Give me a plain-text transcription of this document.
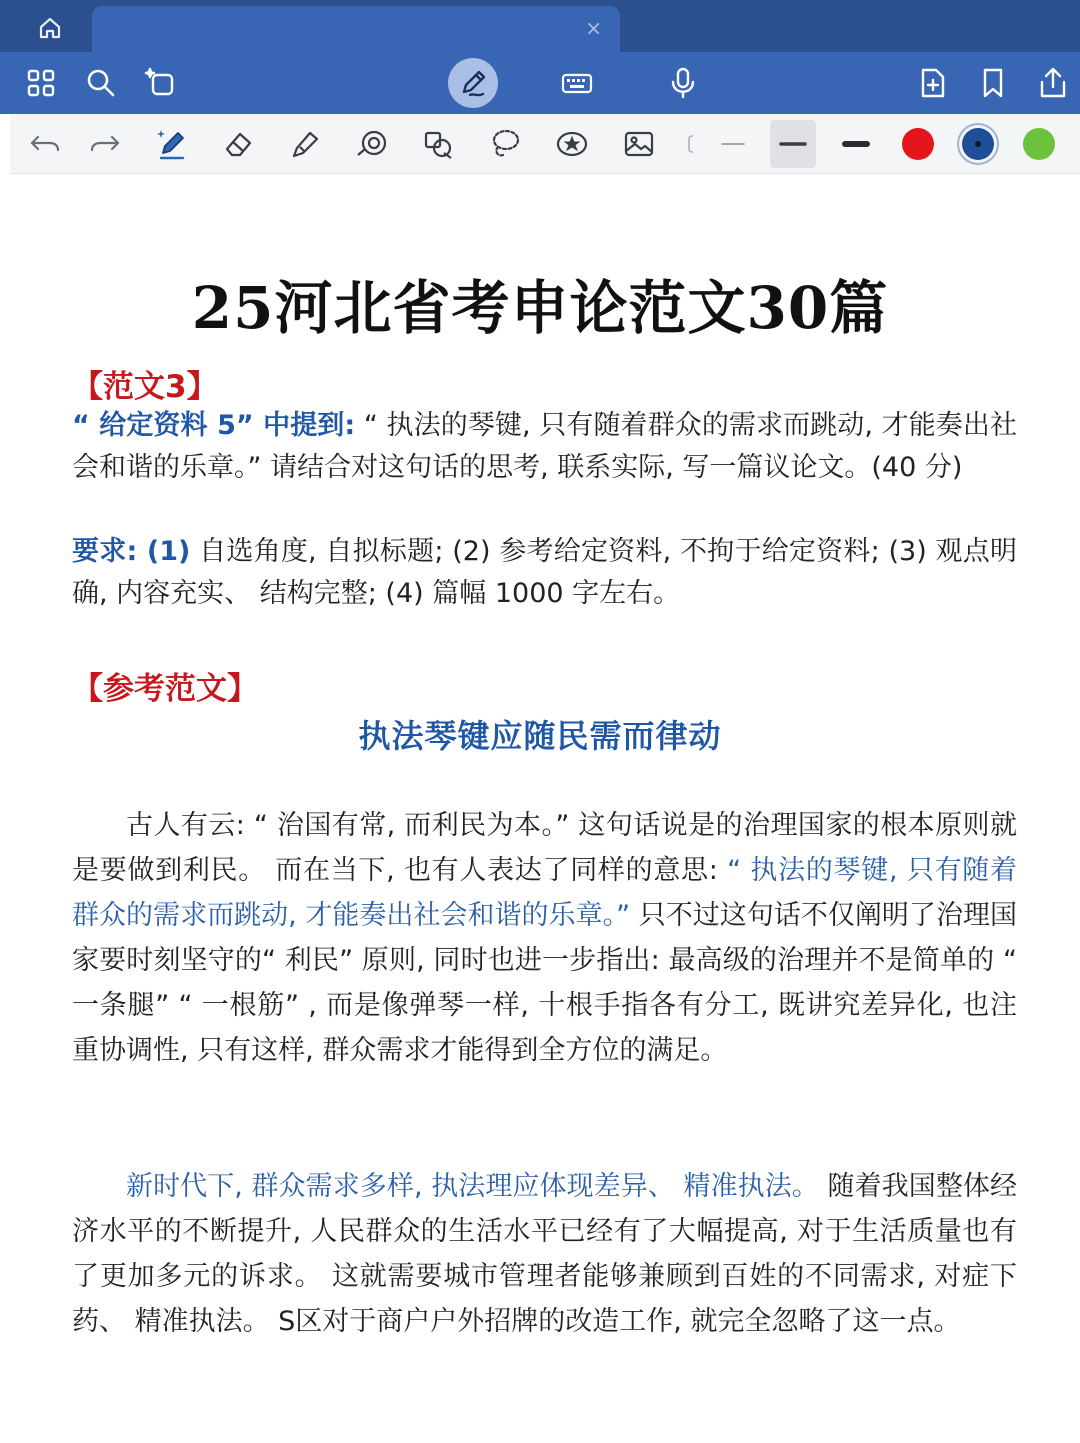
×
25河北省考申论范文30篇
【范文3】
“ 给定资料 5” 中提到: “ 执法的琴键, 只有随着群众的需求而跳动, 才能奏出社会和谐的乐章。” 请结合对这句话的思考, 联系实际, 写一篇议论文。(40 分)
要求: (1) 自选角度, 自拟标题; (2) 参考给定资料, 不拘于给定资料; (3) 观点明确, 内容充实、 结构完整; (4) 篇幅 1000 字左右。
【参考范文】
执法琴键应随民需而律动
古人有云: “ 治国有常, 而利民为本。” 这句话说是的治理国家的根本原则就是要做到利民。 而在当下, 也有人表达了同样的意思: “ 执法的琴键, 只有随着群众的需求而跳动, 才能奏出社会和谐的乐章。” 只不过这句话不仅阐明了治理国家要时刻坚守的“ 利民” 原则, 同时也进一步指出: 最高级的治理并不是简单的 “ 一条腿” “ 一根筋” , 而是像弹琴一样, 十根手指各有分工, 既讲究差异化, 也注重协调性, 只有这样, 群众需求才能得到全方位的满足。
新时代下, 群众需求多样, 执法理应体现差异、 精准执法。 随着我国整体经济水平的不断提升, 人民群众的生活水平已经有了大幅提高, 对于生活质量也有了更加多元的诉求。 这就需要城市管理者能够兼顾到百姓的不同需求, 对症下药、 精准执法。 S区对于商户户外招牌的改造工作, 就完全忽略了这一点。
